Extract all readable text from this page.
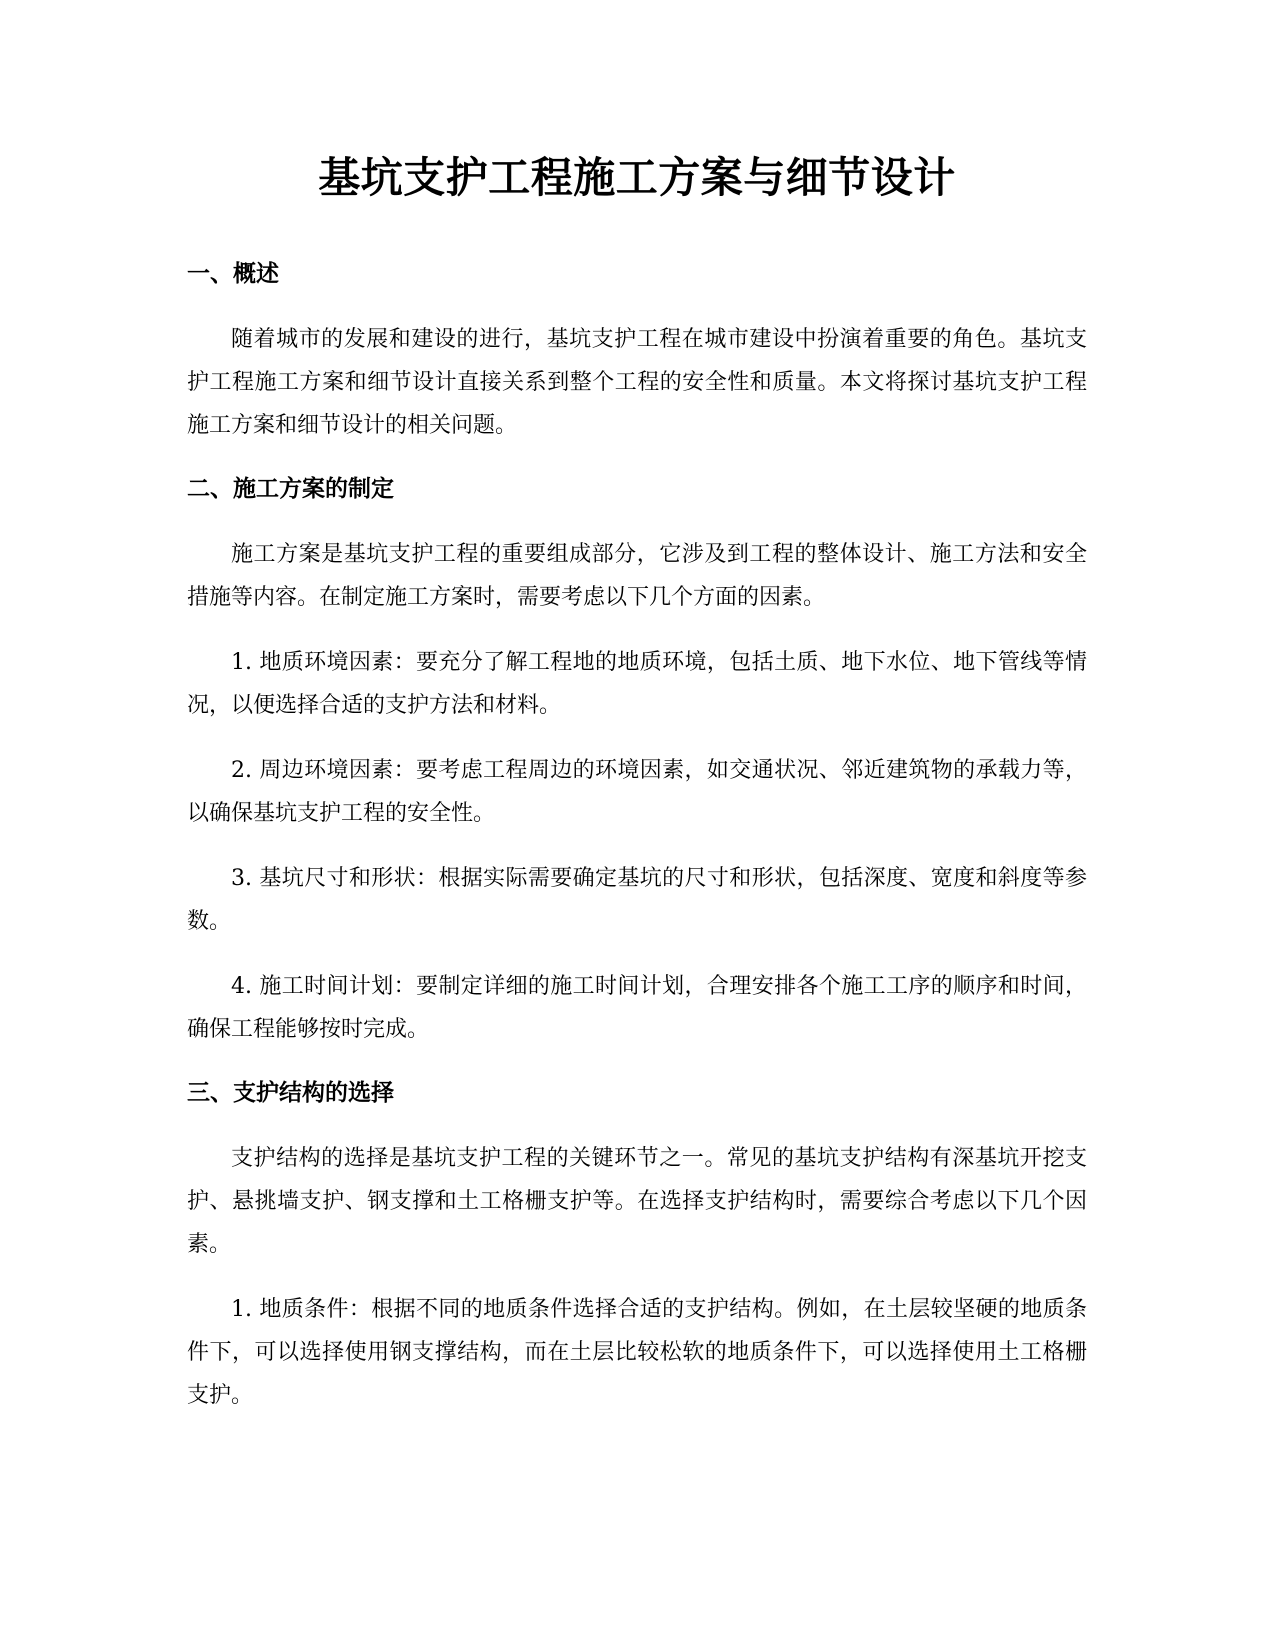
基坑支护工程施工方案与细节设计
一、概述

随着城市的发展和建设的进行，基坑支护工程在城市建设中扮演着重要的角色。基坑支护工程施工方案和细节设计直接关系到整个工程的安全性和质量。本文将探讨基坑支护工程施工方案和细节设计的相关问题。

二、施工方案的制定

施工方案是基坑支护工程的重要组成部分，它涉及到工程的整体设计、施工方法和安全措施等内容。在制定施工方案时，需要考虑以下几个方面的因素。

1. 地质环境因素：要充分了解工程地的地质环境，包括土质、地下水位、地下管线等情况，以便选择合适的支护方法和材料。

2. 周边环境因素：要考虑工程周边的环境因素，如交通状况、邻近建筑物的承载力等，以确保基坑支护工程的安全性。

3. 基坑尺寸和形状：根据实际需要确定基坑的尺寸和形状，包括深度、宽度和斜度等参数。

4. 施工时间计划：要制定详细的施工时间计划，合理安排各个施工工序的顺序和时间，确保工程能够按时完成。

三、支护结构的选择

支护结构的选择是基坑支护工程的关键环节之一。常见的基坑支护结构有深基坑开挖支护、悬挑墙支护、钢支撑和土工格栅支护等。在选择支护结构时，需要综合考虑以下几个因素。

1. 地质条件：根据不同的地质条件选择合适的支护结构。例如，在土层较坚硬的地质条件下，可以选择使用钢支撑结构，而在土层比较松软的地质条件下，可以选择使用土工格栅支护。
